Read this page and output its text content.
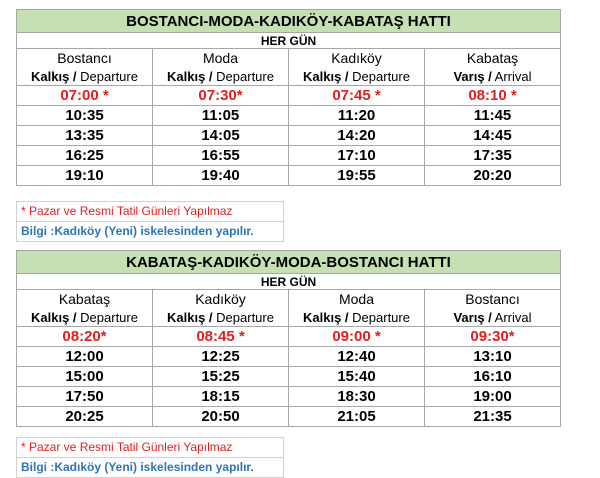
BOSTANCI-MODA-KADIKÖY-KABATAŞ HATTI			
HER GÜN			
Bostancı	Moda	Kadıköy	Kabataş
Kalkış / Departure	Kalkış / Departure	Kalkış / Departure	Varış / Arrival
07:00 *	07:30*	07:45 *	08:10 *
10:35	11:05	11:20	11:45
13:35	14:05	14:20	14:45
16:25	16:55	17:10	17:35
19:10	19:40	19:55	20:20
* Pazar ve Resmi Tatil Günleri Yapılmaz
Bilgi :Kadıköy (Yeni) iskelesinden yapılır.
KABATAŞ-KADIKÖY-MODA-BOSTANCI HATTI			
HER GÜN			
Kabataş	Kadıköy	Moda	Bostancı
Kalkış / Departure	Kalkış / Departure	Kalkış / Departure	Varış / Arrival
08:20*	08:45 *	09:00 *	09:30*
12:00	12:25	12:40	13:10
15:00	15:25	15:40	16:10
17:50	18:15	18:30	19:00
20:25	20:50	21:05	21:35
* Pazar ve Resmi Tatil Günleri Yapılmaz
Bilgi :Kadıköy (Yeni) iskelesinden yapılır.
